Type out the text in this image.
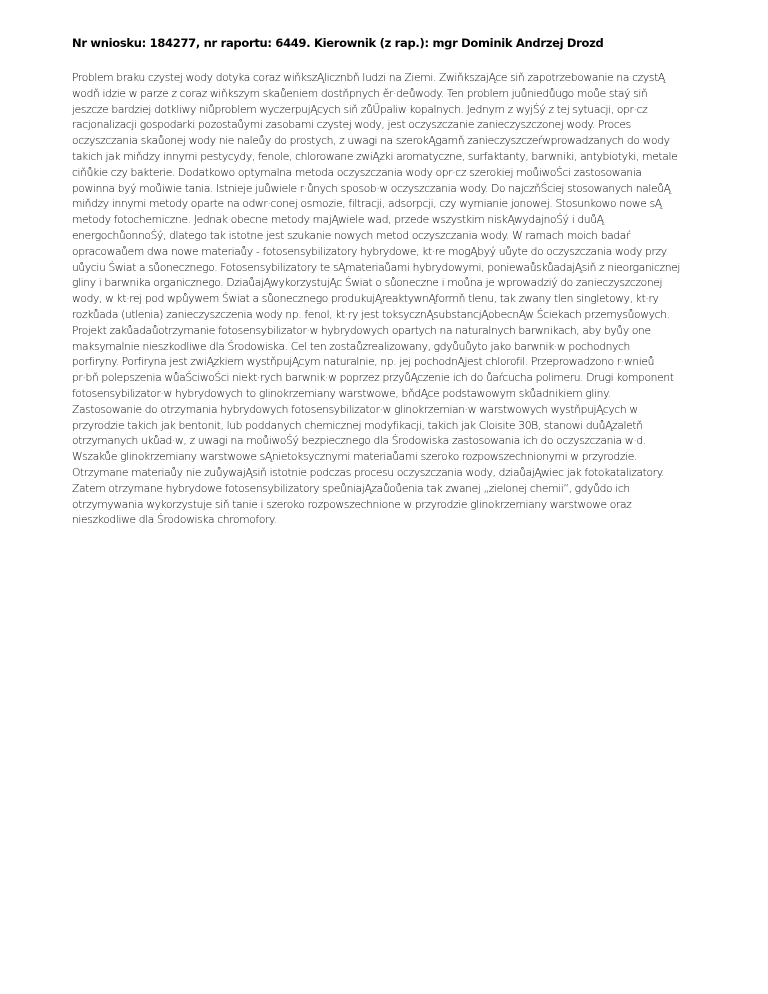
Nr wniosku: 184277, nr raportu: 6449. Kierownik (z rap.): mgr Dominik Andrzej Drozd

Problem braku czystej wody dotyka coraz wiňkszĄlicznbň ludzi na Ziemi. ZwiňkszajĄce siň zapotrzebowanie na czystĄ
wodň idzie w parze z coraz wiňkszym skaůeniem dostňpnych ěr·deůwody. Ten problem juůniedůugo moůe staý siň
jeszcze bardziej dotkliwy niůproblem wyczerpujĄcych siň zůŰpaliw kopalnych. Jednym z wyjŚý z tej sytuacji, opr·cz
racjonalizacji gospodarki pozostaůymi zasobami czystej wody, jest oczyszczanie zanieczyszczonej wody. Proces
oczyszczania skaůonej wody nie naleůy do prostych, z uwagi na szerokĄgamň zanieczyszczeŕwprowadzanych do wody
takich jak miňdzy innymi pestycydy, fenole, chlorowane zwiĄzki aromatyczne, surfaktanty, barwniki, antybiotyki, metale
ciňůkie czy bakterie. Dodatkowo optymalna metoda oczyszczania wody opr·cz szerokiej moůiwoŚci zastosowania
powinna byý moůiwie tania. Istnieje juůwiele r·ůnych sposob·w oczyszczania wody. Do najczňŚciej stosowanych naleůĄ
miňdzy innymi metody oparte na odwr·conej osmozie, filtracji, adsorpcji, czy wymianie jonowej. Stosunkowo nowe sĄ
metody fotochemiczne. Jednak obecne metody majĄwiele wad, przede wszystkim niskĄwydajnoŚý i duůĄ
energochůonnoŚý, dlatego tak istotne jest szukanie nowych metod oczyszczania wody. W ramach moich badaŕ
opracowaůem dwa nowe materiaůy - fotosensybilizatory hybrydowe, kt·re mogĄbyý uůyte do oczyszczania wody przy
uůyciu Świat a sůonecznego. Fotosensybilizatory te sĄmateriaůami hybrydowymi, poniewaůskůadajĄsiň z nieorganicznej
gliny i barwnika organicznego. DziaůajĄwykorzystujĄc Świat o sůoneczne i moůna je wprowadziý do zanieczyszczonej
wody, w kt·rej pod wpůywem Świat a sůonecznego produkujĄreaktywnĄformň tlenu, tak zwany tlen singletowy, kt·ry
rozkůada (utlenia) zanieczyszczenia wody np. fenol, kt·ry jest toksycznĄsubstancjĄobecnĄw Ściekach przemysůowych.
Projekt zakůadaůotrzymanie fotosensybilizator·w hybrydowych opartych na naturalnych barwnikach, aby byůy one
maksymalnie nieszkodliwe dla Środowiska. Cel ten zostaůzrealizowany, gdyůuůyto jako barwnik·w pochodnych
porfiryny. Porfiryna jest zwiĄzkiem wystňpujĄcym naturalnie, np. jej pochodnĄjest chlorofil. Przeprowadzono r·wnieů
pr·bň polepszenia wůaŚciwoŚci niekt·rych barwnik·w poprzez przyůĄczenie ich do ůaŕcucha polimeru. Drugi komponent
fotosensybilizator·w hybrydowych to glinokrzemiany warstwowe, bňdĄce podstawowym skůadnikiem gliny.
Zastosowanie do otrzymania hybrydowych fotosensybilizator·w glinokrzemian·w warstwowych wystňpujĄcych w
przyrodzie takich jak bentonit, lub poddanych chemicznej modyfikacji, takich jak Cloisite 30B, stanowi duůĄzaletň
otrzymanych ukůad·w, z uwagi na moůiwoŚý bezpiecznego dla Środowiska zastosowania ich do oczyszczania w·d.
Wszakůe glinokrzemiany warstwowe sĄnietoksycznymi materiaůami szeroko rozpowszechnionymi w przyrodzie.
Otrzymane materiaůy nie zuůywajĄsiň istotnie podczas procesu oczyszczania wody, dziaůajĄwiec jak fotokatalizatory.
Zatem otrzymane hybrydowe fotosensybilizatory speůniajĄzaůoůenia tak zwanej „zielonej chemii”, gdyůdo ich
otrzymywania wykorzystuje siň tanie i szeroko rozpowszechnione w przyrodzie glinokrzemiany warstwowe oraz
nieszkodliwe dla Środowiska chromofory.
